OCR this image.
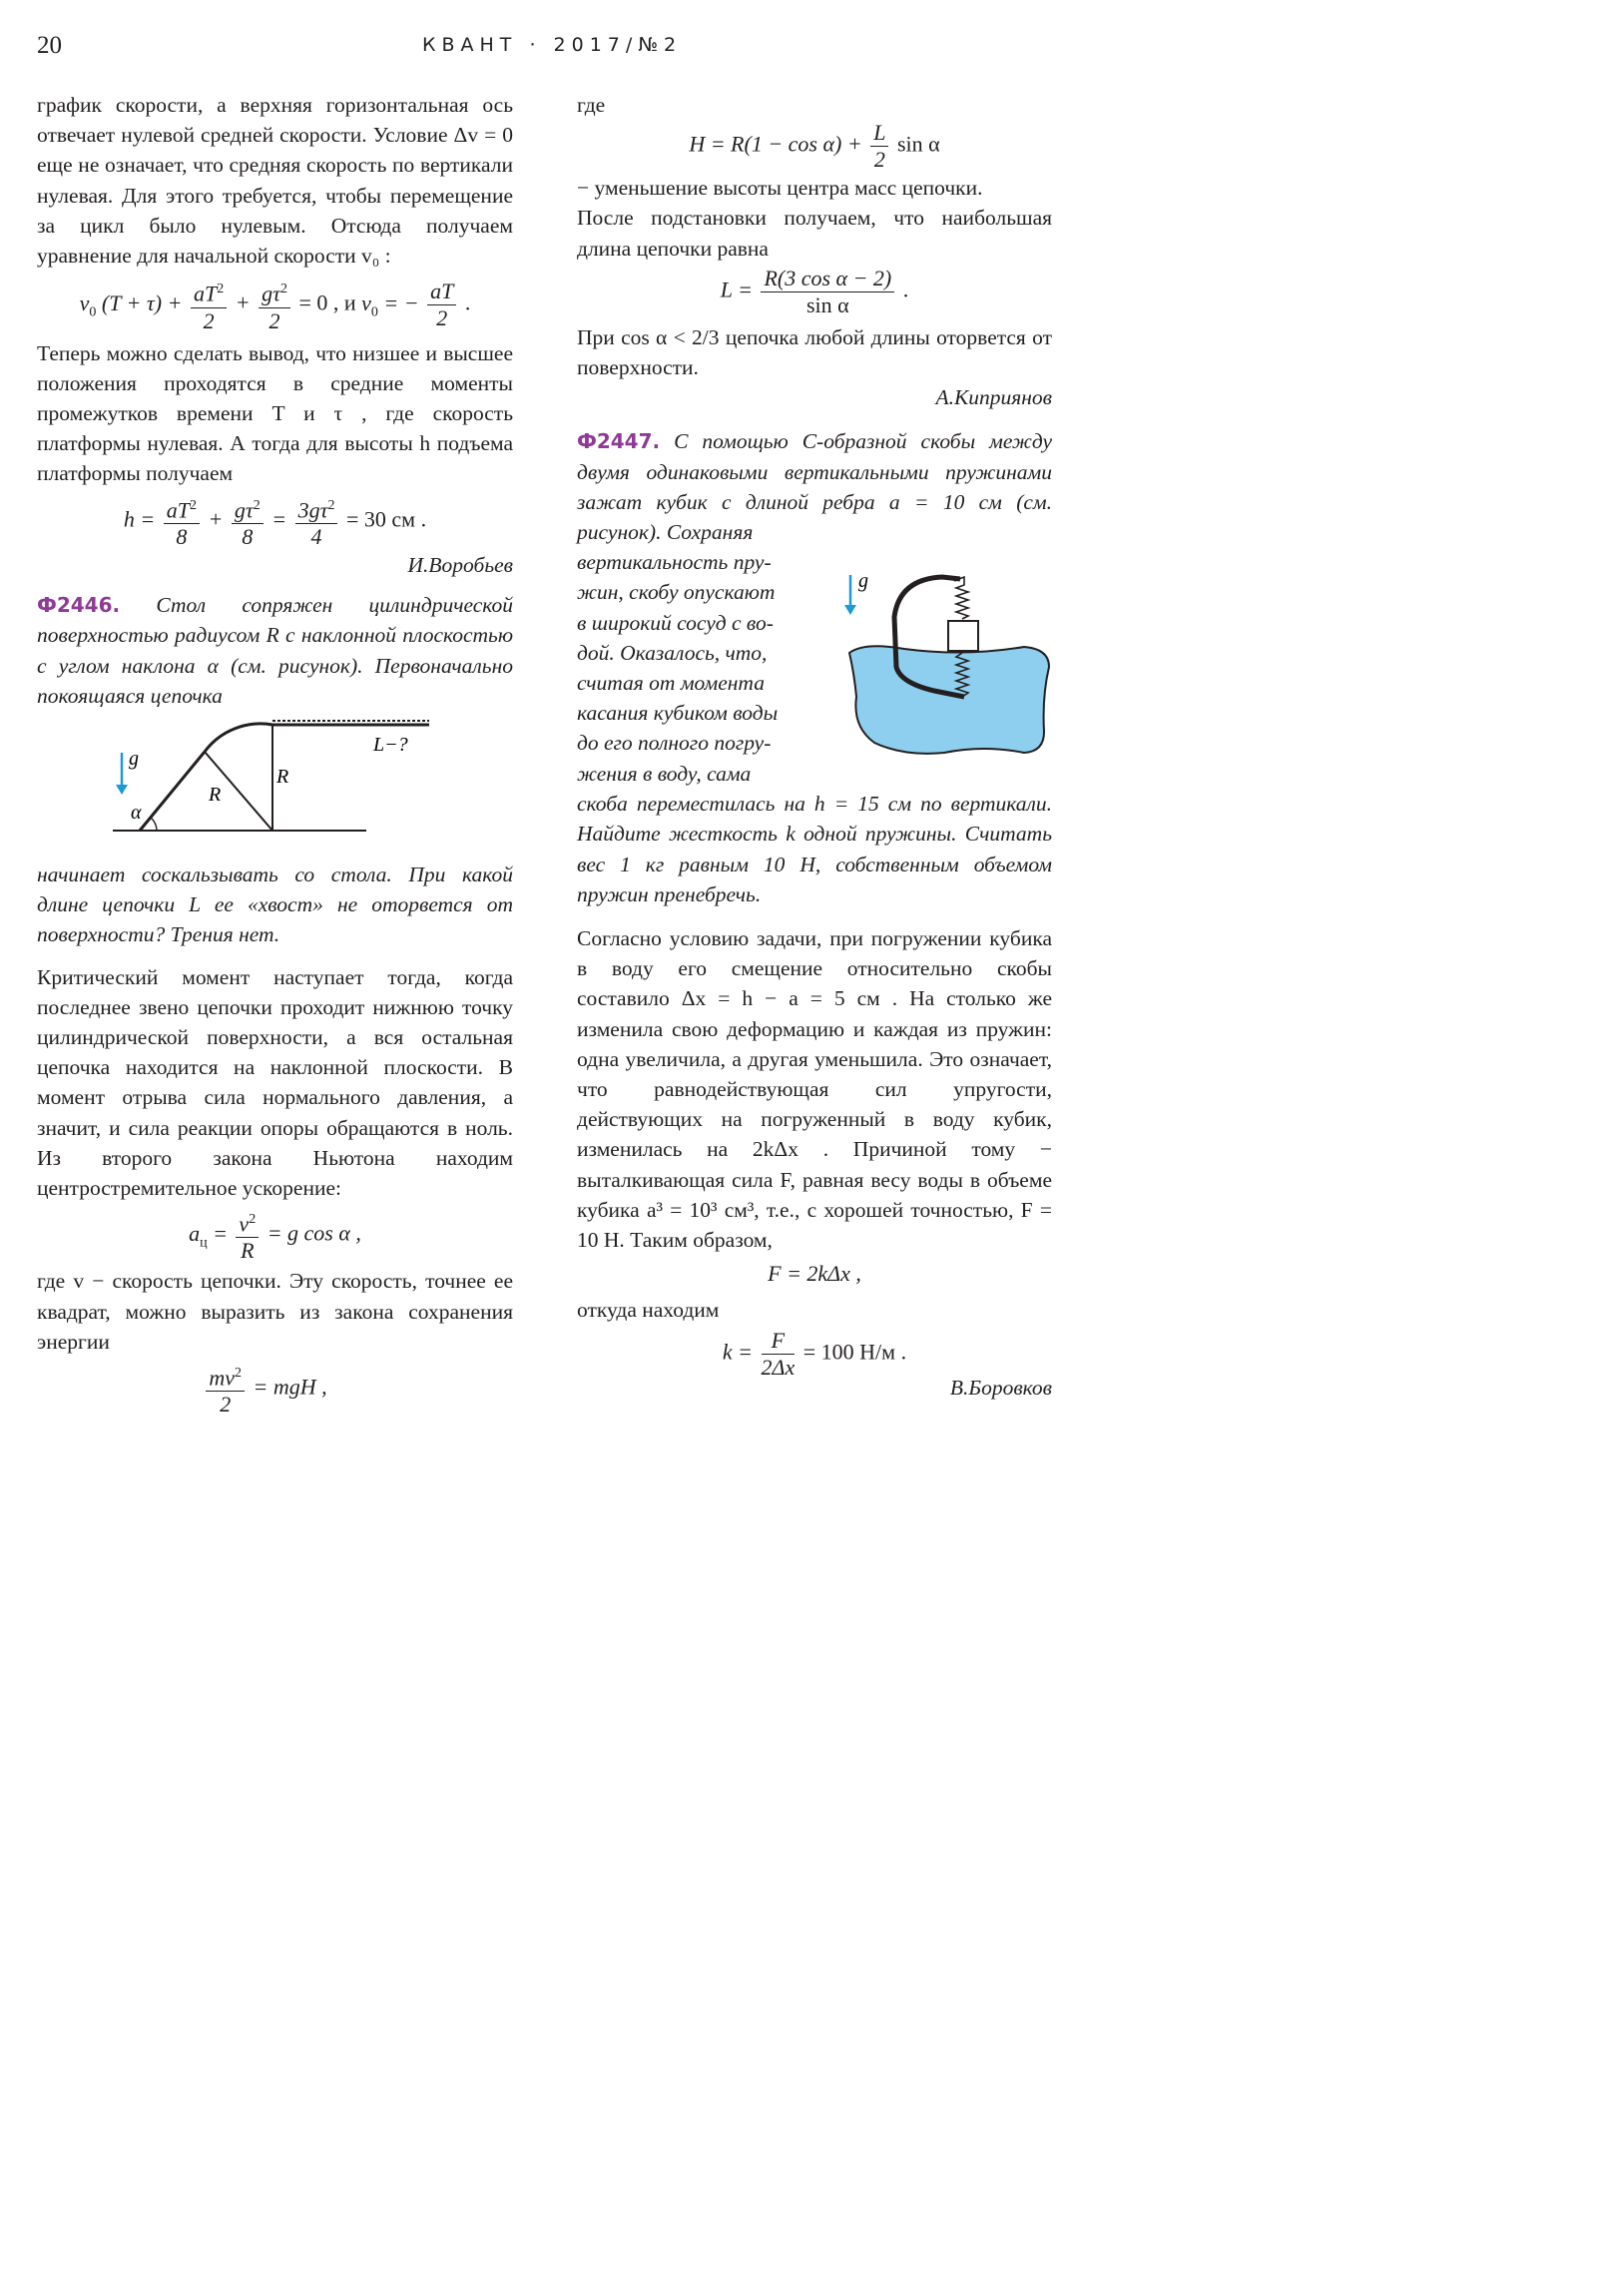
20	КВАНТ · 2017/№2

график скорости, а верхняя горизонтальная ось отвечает нулевой средней скорости. Условие Δv = 0 еще не означает, что средняя скорость по вертикали нулевая. Для этого требуется, чтобы перемещение за цикл было нулевым. Отсюда получаем уравнение для начальной скорости v₀ :

$v_0$ $(T + \tau) + \frac{aT^2}{2} + \frac{g\tau^2}{2} = 0$ , и $v_0$ = − $\frac{aT}{2}$ .

Теперь можно сделать вывод, что низшее и высшее положения проходятся в средние моменты промежутков времени T и τ , где скорость платформы нулевая. А тогда для высоты h подъема платформы получаем

$h = \frac{aT^2}{8} + \frac{g\tau^2}{8} = \frac{3g\tau^2}{4} = 30$ см .

И.Воробьев

Ф2446. Стол сопряжен цилиндрической поверхностью радиусом R с наклонной плоскостью с углом наклона α (см. рисунок). Первоначально покоящаяся цепочка

g
α
R
R
L−?

начинает соскальзывать со стола. При какой длине цепочки L ее «хвост» не оторвется от поверхности? Трения нет.

Критический момент наступает тогда, когда последнее звено цепочки проходит нижнюю точку цилиндрической поверхности, а вся остальная цепочка находится на наклонной плоскости. В момент отрыва сила нормального давления, а значит, и сила реакции опоры обращаются в ноль. Из второго закона Ньютона находим центростремительное ускорение:

$a_ц = \frac{v^2}{R} = g$ cos α ,

где v − скорость цепочки. Эту скорость, точнее ее квадрат, можно выразить из закона сохранения энергии

$\frac{mv^2}{2}$ = mgH ,

где

$H = R(1 - \cos \alpha) + \frac{L}{2}$ sin α

− уменьшение высоты центра масс цепочки.

После подстановки получаем, что наибольшая длина цепочки равна

$L = \frac{\text{R(3 cos α − 2)}}{\text{sin α}}$ .

При cos α < 2/3 цепочка любой длины оторвется от поверхности.

А.Киприянов

Ф2447. С помощью С-образной скобы между двумя одинаковыми вертикальными пружинами зажат кубик с длиной ребра a = 10 см (см. рисунок). Сохраняя

вертикальность пру-
жин, скобу опускают
в широкий сосуд с во-
дой. Оказалось, что,
считая от момента
касания кубиком воды
до его полного погру-
жения в воду, сама
g

скоба переместилась на h = 15 см по вертикали. Найдите жесткость k одной пружины. Считать вес 1 кг равным 10 Н, собственным объемом пружин пренебречь.

Согласно условию задачи, при погружении кубика в воду его смещение относительно скобы составило Δx = h − a = 5 см . На столько же изменила свою деформацию и каждая из пружин: одна увеличила, а другая уменьшила. Это означает, что равнодействующая сил упругости, действующих на погруженный в воду кубик, изменилась на 2kΔx . Причиной тому − выталкивающая сила F, равная весу воды в объеме кубика a³ = 10³ см³, т.е., с хорошей точностью, F = 10 Н. Таким образом,

F = 2kΔx ,

откуда находим

$k = \frac{F}{2\Delta x} = 100$ Н/м .

В.Боровков
